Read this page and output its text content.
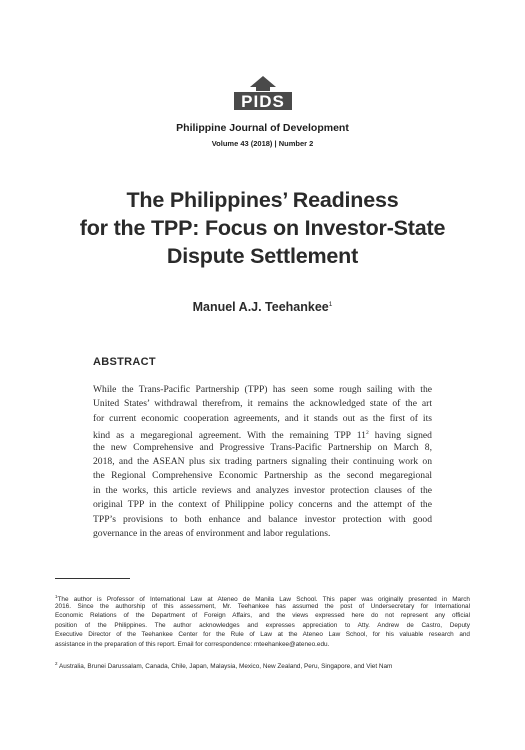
PIDS
Philippine Journal of Development
Volume 43 (2018) | Number 2
The Philippines’ Readiness
for the TPP: Focus on Investor-State
Dispute Settlement
Manuel A.J. Teehankee$^1$
ABSTRACT
While the Trans-Pacific Partnership (TPP) has seen some rough sailing with the
United States’ withdrawal therefrom, it remains the acknowledged state of the art
for current economic cooperation agreements, and it stands out as the first of its
kind as a megaregional agreement. With the remaining TPP $11^2$ having signed
the new Comprehensive and Progressive Trans-Pacific Partnership on March 8,
2018, and the ASEAN plus six trading partners signaling their continuing work on
the Regional Comprehensive Economic Partnership as the second megaregional
in the works, this article reviews and analyzes investor protection clauses of the
original TPP in the context of Philippine policy concerns and the attempt of the
TPP’s provisions to both enhance and balance investor protection with good
governance in the areas of environment and labor regulations.
$^1$The author is Professor of International Law at Ateneo de Manila Law School. This paper was originally presented in March
2016. Since the authorship of this assessment, Mr. Teehankee has assumed the post of Undersecretary for International
Economic Relations of the Department of Foreign Affairs, and the views expressed here do not represent any official
position of the Philippines. The author acknowledges and expresses appreciation to Atty. Andrew de Castro, Deputy
Executive Director of the Teehankee Center for the Rule of Law at the Ateneo Law School, for his valuable research and
assistance in the preparation of this report. Email for correspondence: mteehankee@ateneo.edu.
$^2$ Australia, Brunei Darussalam, Canada, Chile, Japan, Malaysia, Mexico, New Zealand, Peru, Singapore, and Viet Nam
